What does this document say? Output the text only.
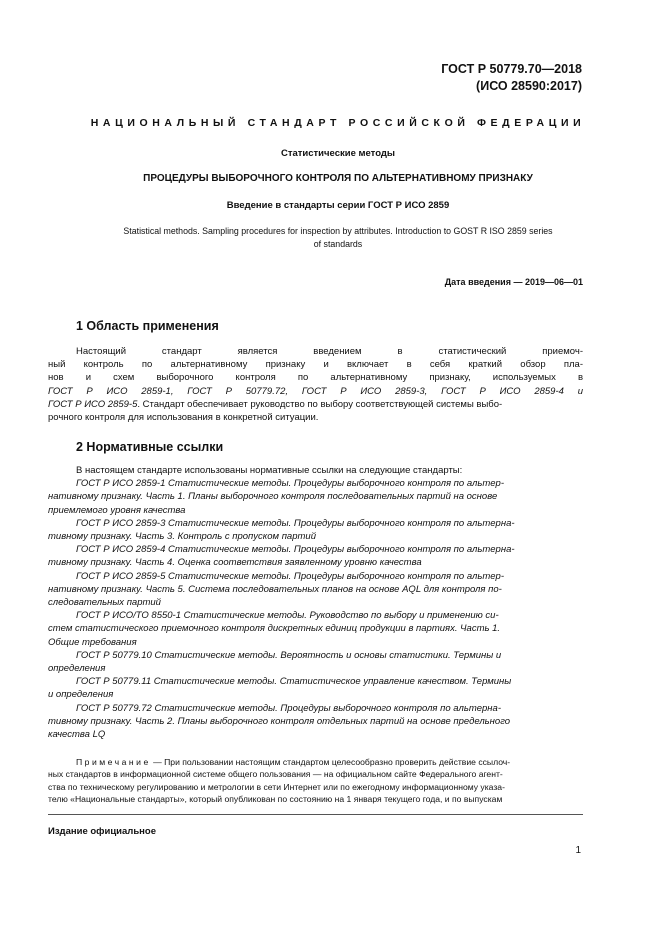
ГОСТ Р 50779.70—2018
(ИСО 28590:2017)
НАЦИОНАЛЬНЫЙ СТАНДАРТ РОССИЙСКОЙ ФЕДЕРАЦИИ
Статистические методы
ПРОЦЕДУРЫ ВЫБОРОЧНОГО КОНТРОЛЯ ПО АЛЬТЕРНАТИВНОМУ ПРИЗНАКУ
Введение в стандарты серии ГОСТ Р ИСО 2859
Statistical methods. Sampling procedures for inspection by attributes. Introduction to GOST R ISO 2859 series
of standards
Дата введения — 2019—06—01
1 Область применения
Настоящий стандарт является введением в статистический приемоч-
ный контроль по альтернативному признаку и включает в себя краткий обзор пла-
нов и схем выборочного контроля по альтернативному признаку, используемых в
ГОСТ Р ИСО 2859-1, ГОСТ Р 50779.72, ГОСТ Р ИСО 2859-3, ГОСТ Р ИСО 2859-4 и
ГОСТ Р ИСО 2859-5. Стандарт обеспечивает руководство по выбору соответствующей системы выбо-
рочного контроля для использования в конкретной ситуации.
2 Нормативные ссылки
В настоящем стандарте использованы нормативные ссылки на следующие стандарты:
ГОСТ Р ИСО 2859-1 Статистические методы. Процедуры выборочного контроля по альтер-
нативному признаку. Часть 1. Планы выборочного контроля последовательных партий на основе
приемлемого уровня качества
ГОСТ Р ИСО 2859-3 Статистические методы. Процедуры выборочного контроля по альтерна-
тивному признаку. Часть 3. Контроль с пропуском партий
ГОСТ Р ИСО 2859-4 Статистические методы. Процедуры выборочного контроля по альтерна-
тивному признаку. Часть 4. Оценка соответствия заявленному уровню качества
ГОСТ Р ИСО 2859-5 Статистические методы. Процедуры выборочного контроля по альтер-
нативному признаку. Часть 5. Система последовательных планов на основе AQL для контроля по-
следовательных партий
ГОСТ Р ИСО/ТО 8550-1 Статистические методы. Руководство по выбору и применению си-
стем статистического приемочного контроля дискретных единиц продукции в партиях. Часть 1.
Общие требования
ГОСТ Р 50779.10 Статистические методы. Вероятность и основы статистики. Термины и
определения
ГОСТ Р 50779.11 Статистические методы. Статистическое управление качеством. Термины
и определения
ГОСТ Р 50779.72 Статистические методы. Процедуры выборочного контроля по альтерна-
тивному признаку. Часть 2. Планы выборочного контроля отдельных партий на основе предельного
качества LQ
Примечание — При пользовании настоящим стандартом целесообразно проверить действие ссылоч-
ных стандартов в информационной системе общего пользования — на официальном сайте Федерального агент-
ства по техническому регулированию и метрологии в сети Интернет или по ежегодному информационному указа-
телю «Национальные стандарты», который опубликован по состоянию на 1 января текущего года, и по выпускам
Издание официальное
1
